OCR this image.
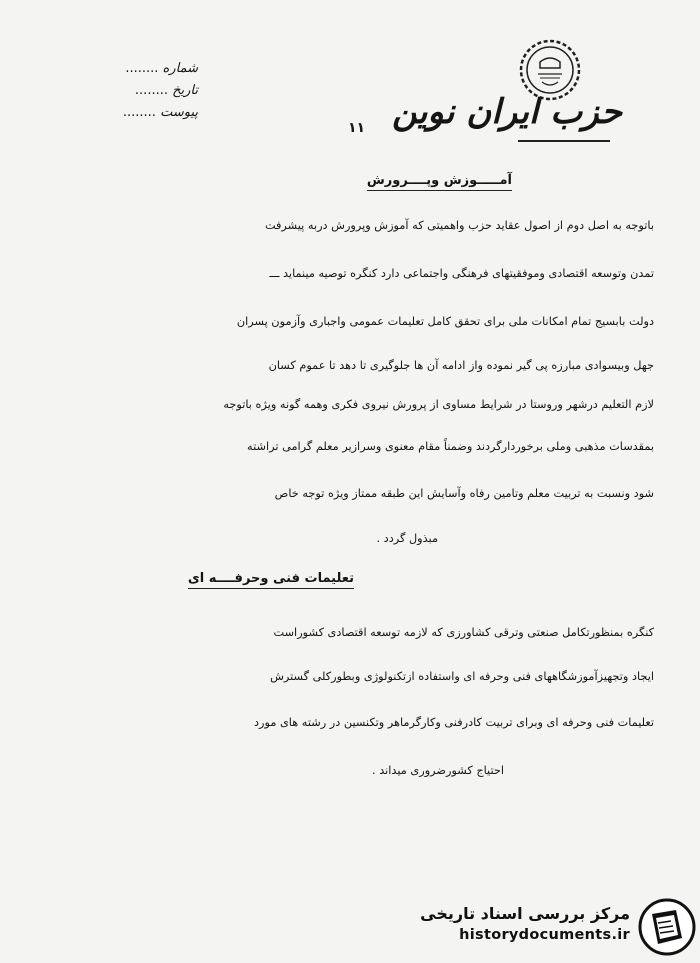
شماره ........
تاریخ ........
پیوست ........	حزب ایران نوین
۱۱
آمـــــوزش وپــــرورش
باتوجه به اصل دوم از اصول عقاید حزب واهمیتی که آموزش وپرورش دربه پیشرفت
تمدن وتوسعه اقتصادی وموفقیتهای فرهنگی واجتماعی دارد کنگره توصیه مینماید ـــ
دولت بابسیج تمام امکانات ملی برای تحقق کامل تعلیمات عمومی واجباری وآزمون پسران
جهل وبیسوادی مبارزه پی گیر نموده واز ادامه آن ها جلوگیری تا دهد تا عموم کسان
لازم التعلیم درشهر وروستا در شرایط مساوی از پرورش نیروی فکری وهمه گونه ویژه باتوجه
بمقدسات مذهبی وملی برخوردارگردند وضمناً مقام معنوی وسرازیر معلم گرامی تراشته
شود ونسبت به تربیت معلم وتامین رفاه وآسایش این طبقه ممتاز ویژه توجه خاص
مبذول گردد .
تعلیمات فنی وحرفــــه ای
کنگره بمنظورتکامل صنعتی وترقی کشاورزی که لازمه توسعه اقتصادی کشوراست
ایجاد وتجهیزآموزشگاههای فنی وحرفه ای واستفاده ازتکنولوژی وبطورکلی گسترش
تعلیمات فنی وحرفه ای وبرای تربیت کادرفنی وکارگرماهر وتکنسین در رشته های مورد
احتیاج کشورضروری میداند .
مرکز بررسی اسناد تاریخی
historydocuments.ir
